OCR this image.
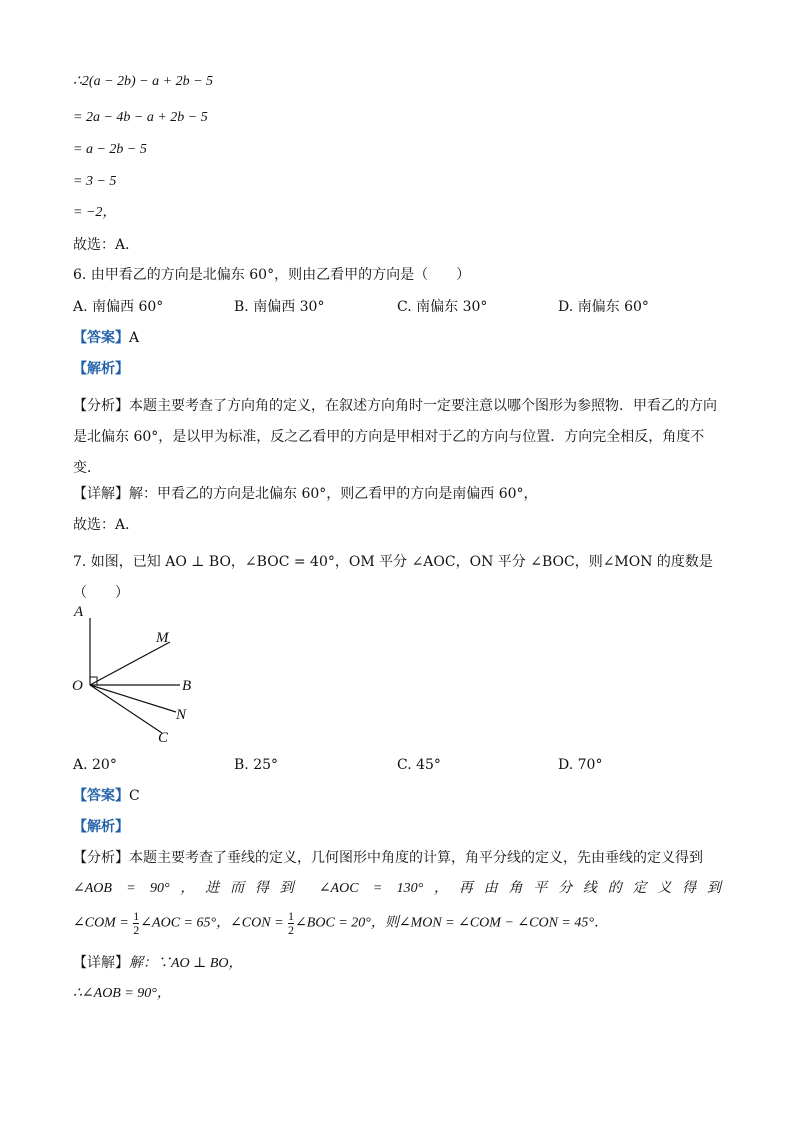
∴2(a − 2b) − a + 2b − 5
= 2a − 4b − a + 2b − 5
= a − 2b − 5
= 3 − 5
= −2，
故选：A．
6. 由甲看乙的方向是北偏东 60°，则由乙看甲的方向是（　　）
A. 南偏西 60°	B. 南偏西 30°	C. 南偏东 30°	D. 南偏东 60°
【答案】A
【解析】
【分析】本题主要考查了方向角的定义，在叙述方向角时一定要注意以哪个图形为参照物．甲看乙的方向是北偏东 60°，是以甲为标准，反之乙看甲的方向是甲相对于乙的方向与位置．方向完全相反，角度不变．
【详解】解：甲看乙的方向是北偏东 60°，则乙看甲的方向是南偏西 60°，
故选：A．
7. 如图，已知 AO ⊥ BO，∠BOC = 40°，OM 平分 ∠AOC，ON 平分 ∠BOC，则∠MON 的度数是（　　）
A
M
O	B
N
C
A. 20°	B. 25°	C. 45°	D. 70°
【答案】C
【解析】
【分析】本题主要考查了垂线的定义，几何图形中角度的计算，角平分线的定义，先由垂线的定义得到
∠AOB = 90°，进而得到 ∠AOC = 130°，再由角平分线的定义得到
∠COM = $\frac{1}{2}$ ∠AOC = 65°，∠CON = $\frac{1}{2}$ ∠BOC = 20°，则∠MON = ∠COM − ∠CON = 45°．
【详解】解：∵AO ⊥ BO，
∴∠AOB = 90°，
